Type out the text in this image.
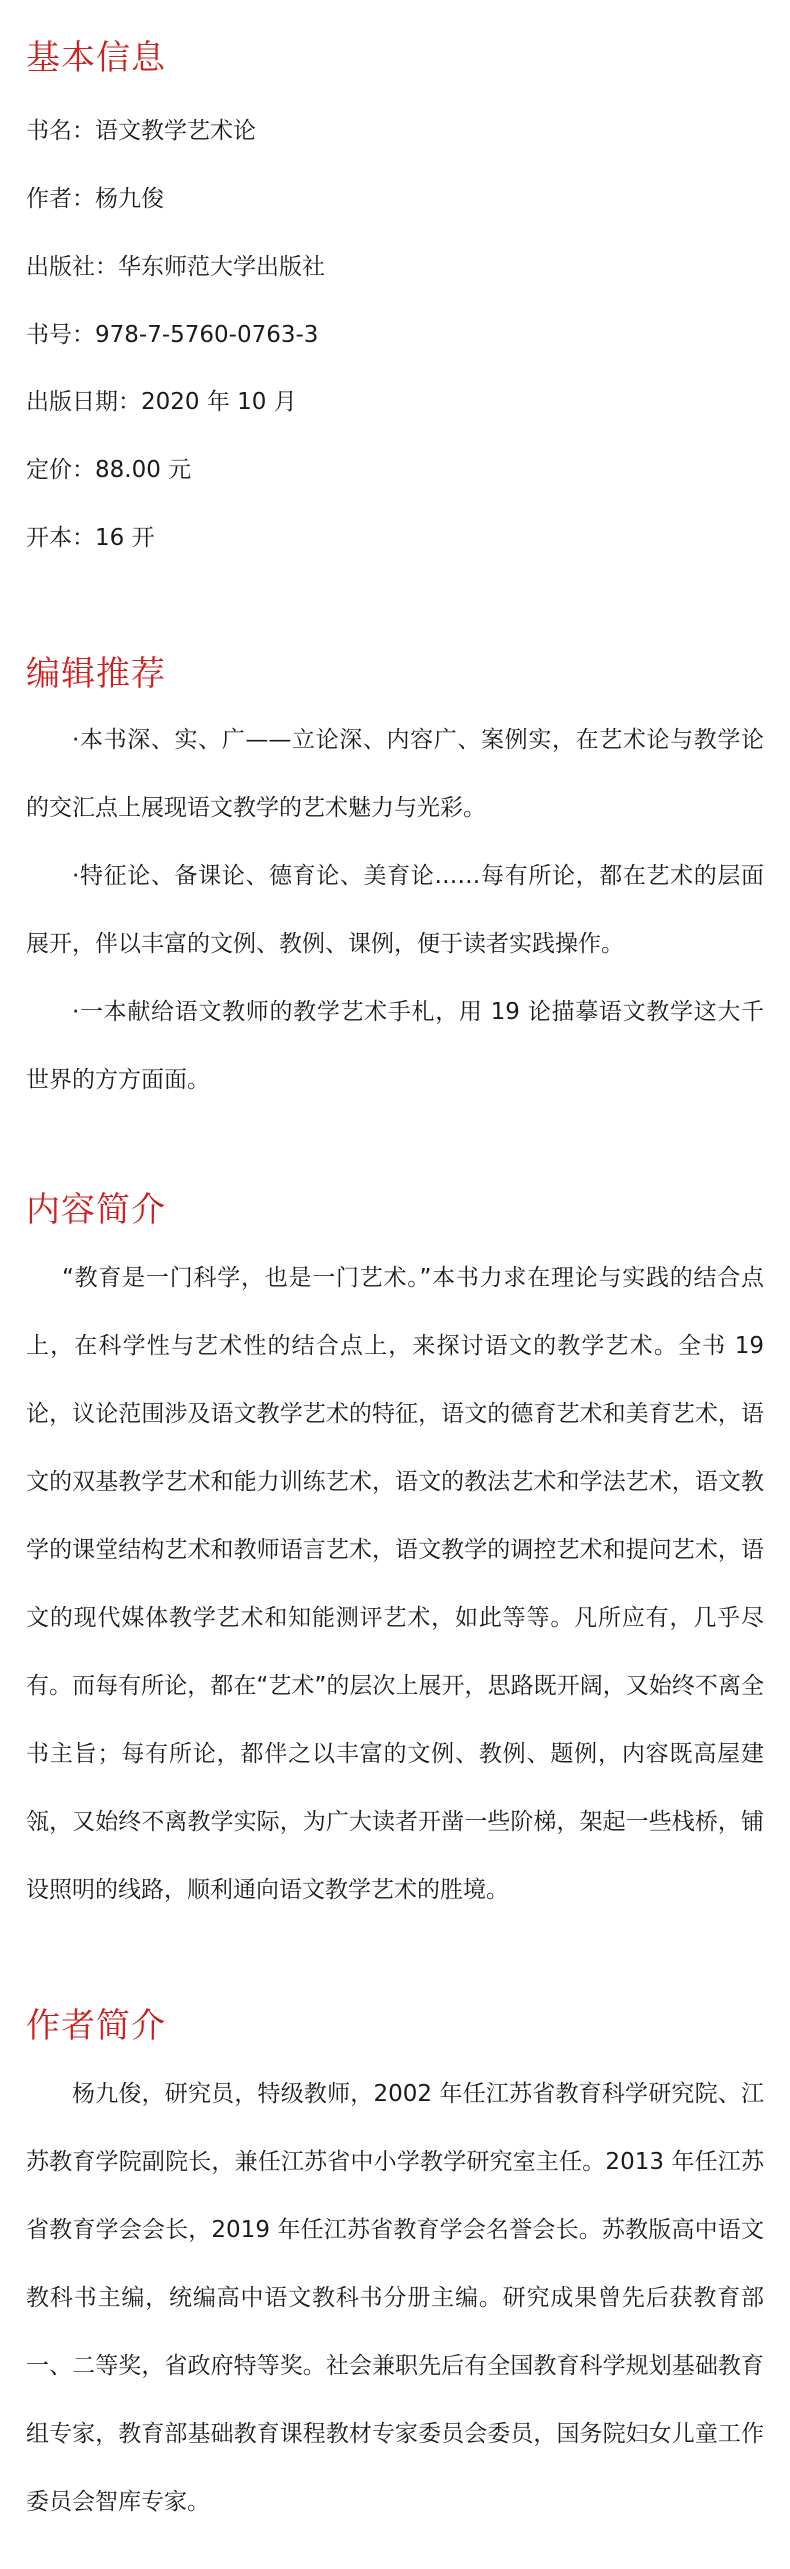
基本信息
书名：语文教学艺术论
作者：杨九俊
出版社：华东师范大学出版社
书号：978-7-5760-0763-3
出版日期：2020 年 10 月
定价：88.00 元
开本：16 开
编辑推荐

·本书深、实、广——立论深、内容广、案例实，在艺术论与教学论的交汇点上展现语文教学的艺术魅力与光彩。

·特征论、备课论、德育论、美育论……每有所论，都在艺术的层面展开，伴以丰富的文例、教例、课例，便于读者实践操作。

·一本献给语文教师的教学艺术手札，用 19 论描摹语文教学这大千世界的方方面面。

内容简介

“教育是一门科学，也是一门艺术。”本书力求在理论与实践的结合点上，在科学性与艺术性的结合点上，来探讨语文的教学艺术。全书 19 论，议论范围涉及语文教学艺术的特征，语文的德育艺术和美育艺术，语文的双基教学艺术和能力训练艺术，语文的教法艺术和学法艺术，语文教学的课堂结构艺术和教师语言艺术，语文教学的调控艺术和提问艺术，语文的现代媒体教学艺术和知能测评艺术，如此等等。凡所应有，几乎尽有。而每有所论，都在“艺术”的层次上展开，思路既开阔，又始终不离全书主旨；每有所论，都伴之以丰富的文例、教例、题例，内容既高屋建瓴，又始终不离教学实际，为广大读者开凿一些阶梯，架起一些栈桥，铺设照明的线路，顺利通向语文教学艺术的胜境。

作者简介

杨九俊，研究员，特级教师，2002 年任江苏省教育科学研究院、江苏教育学院副院长，兼任江苏省中小学教学研究室主任。2013 年任江苏省教育学会会长，2019 年任江苏省教育学会名誉会长。苏教版高中语文教科书主编，统编高中语文教科书分册主编。研究成果曾先后获教育部一、二等奖，省政府特等奖。社会兼职先后有全国教育科学规划基础教育组专家，教育部基础教育课程教材专家委员会委员，国务院妇女儿童工作委员会智库专家。
